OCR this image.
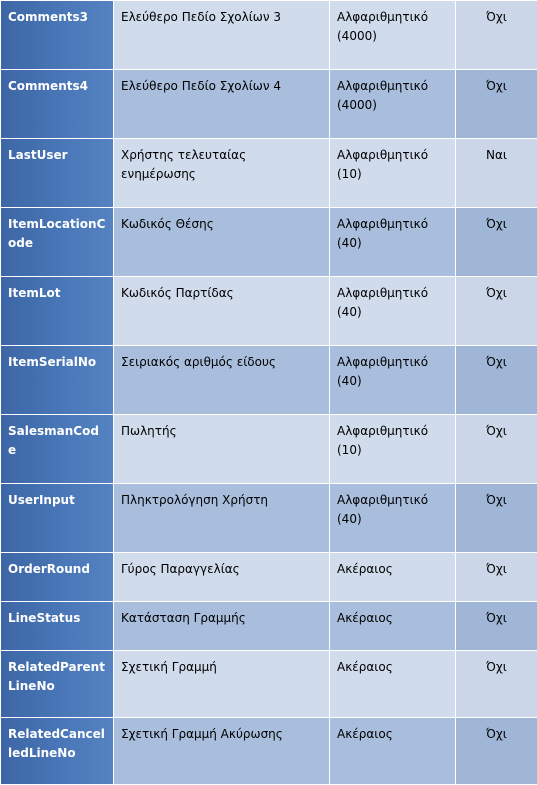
Comments3	Ελεύθερο Πεδίο Σχολίων 3	Αλφαριθμητικό (4000)	Όχι
Comments4	Ελεύθερο Πεδίο Σχολίων 4	Αλφαριθμητικό (4000)	Όχι
LastUser	Χρήστης τελευταίας ενημέρωσης	Αλφαριθμητικό (10)	Ναι
ItemLocationCode	Κωδικός Θέσης	Αλφαριθμητικό (40)	Όχι
ItemLot	Κωδικός Παρτίδας	Αλφαριθμητικό (40)	Όχι
ItemSerialNo	Σειριακός αριθμός είδους	Αλφαριθμητικό (40)	Όχι
SalesmanCode	Πωλητής	Αλφαριθμητικό (10)	Όχι
UserInput	Πληκτρολόγηση Χρήστη	Αλφαριθμητικό (40)	Όχι
OrderRound	Γύρος Παραγγελίας	Ακέραιος	Όχι
LineStatus	Κατάσταση Γραμμής	Ακέραιος	Όχι
RelatedParentLineNo	Σχετική Γραμμή	Ακέραιος	Όχι
RelatedCancelledLineNo	Σχετική Γραμμή Ακύρωσης	Ακέραιος	Όχι
